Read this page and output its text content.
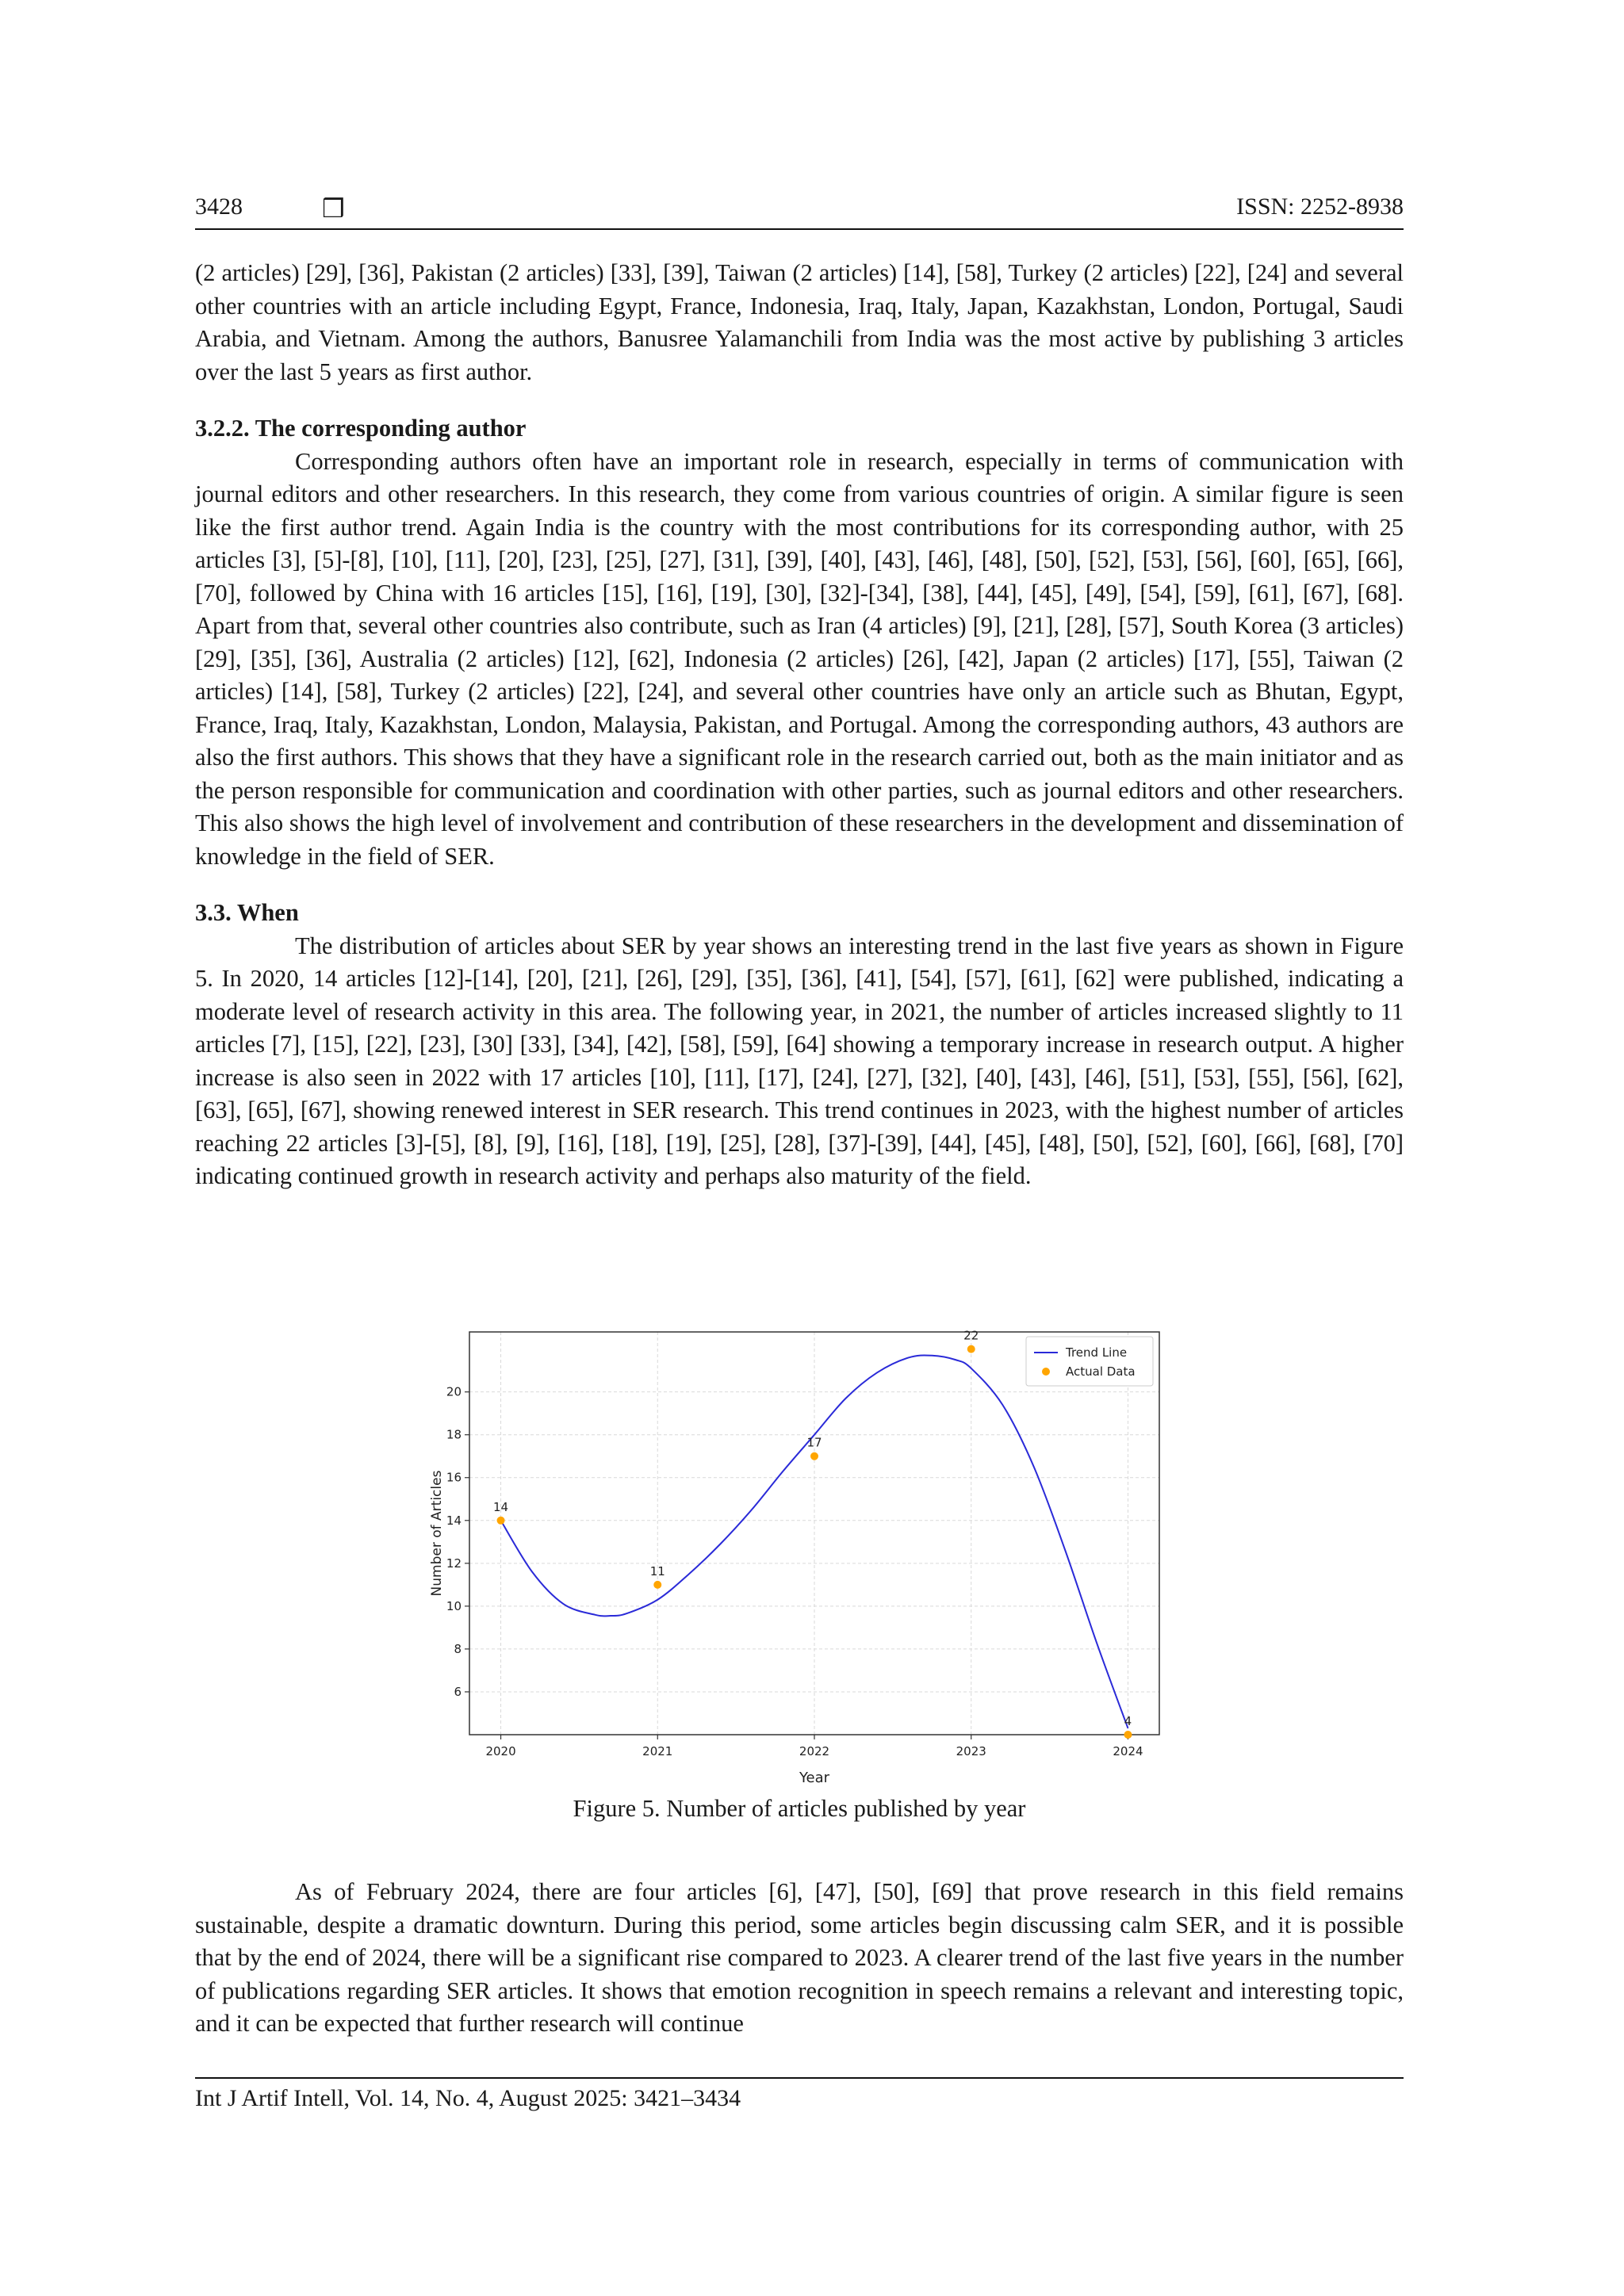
3428	❒	ISSN: 2252-8938

(2 articles) [29], [36], Pakistan (2 articles) [33], [39], Taiwan (2 articles) [14], [58], Turkey (2 articles) [22], [24] and several other countries with an article including Egypt, France, Indonesia, Iraq, Italy, Japan, Kazakhstan, London, Portugal, Saudi Arabia, and Vietnam. Among the authors, Banusree Yalamanchili from India was the most active by publishing 3 articles over the last 5 years as first author.

3.2.2. The corresponding author

Corresponding authors often have an important role in research, especially in terms of communication with journal editors and other researchers. In this research, they come from various countries of origin. A similar figure is seen like the first author trend. Again India is the country with the most contributions for its corresponding author, with 25 articles [3], [5]-[8], [10], [11], [20], [23], [25], [27], [31], [39], [40], [43], [46], [48], [50], [52], [53], [56], [60], [65], [66], [70], followed by China with 16 articles [15], [16], [19], [30], [32]-[34], [38], [44], [45], [49], [54], [59], [61], [67], [68]. Apart from that, several other countries also contribute, such as Iran (4 articles) [9], [21], [28], [57], South Korea (3 articles) [29], [35], [36], Australia (2 articles) [12], [62], Indonesia (2 articles) [26], [42], Japan (2 articles) [17], [55], Taiwan (2 articles) [14], [58], Turkey (2 articles) [22], [24], and several other countries have only an article such as Bhutan, Egypt, France, Iraq, Italy, Kazakhstan, London, Malaysia, Pakistan, and Portugal. Among the corresponding authors, 43 authors are also the first authors. This shows that they have a significant role in the research carried out, both as the main initiator and as the person responsible for communication and coordination with other parties, such as journal editors and other researchers. This also shows the high level of involvement and contribution of these researchers in the development and dissemination of knowledge in the field of SER.

3.3. When

The distribution of articles about SER by year shows an interesting trend in the last five years as shown in Figure 5. In 2020, 14 articles [12]-[14], [20], [21], [26], [29], [35], [36], [41], [54], [57], [61], [62] were published, indicating a moderate level of research activity in this area. The following year, in 2021, the number of articles increased slightly to 11 articles [7], [15], [22], [23], [30] [33], [34], [42], [58], [59], [64] showing a temporary increase in research output. A higher increase is also seen in 2022 with 17 articles [10], [11], [17], [24], [27], [32], [40], [43], [46], [51], [53], [55], [56], [62], [63], [65], [67], showing renewed interest in SER research. This trend continues in 2023, with the highest number of articles reaching 22 articles [3]-[5], [8], [9], [16], [18], [19], [25], [28], [37]-[39], [44], [45], [48], [50], [52], [60], [66], [68], [70] indicating continued growth in research activity and perhaps also maturity of the field.

2020	2021	2022	2023	2024
6
8
10
12
14
16
18
20
Year
Number of Articles	14
11
17
22
4
Trend Line
Actual Data
Figure 5. Number of articles published by year

As of February 2024, there are four articles [6], [47], [50], [69] that prove research in this field remains sustainable, despite a dramatic downturn. During this period, some articles begin discussing calm SER, and it is possible that by the end of 2024, there will be a significant rise compared to 2023. A clearer trend of the last five years in the number of publications regarding SER articles. It shows that emotion recognition in speech remains a relevant and interesting topic, and it can be expected that further research will continue

Int J Artif Intell, Vol. 14, No. 4, August 2025: 3421–3434
